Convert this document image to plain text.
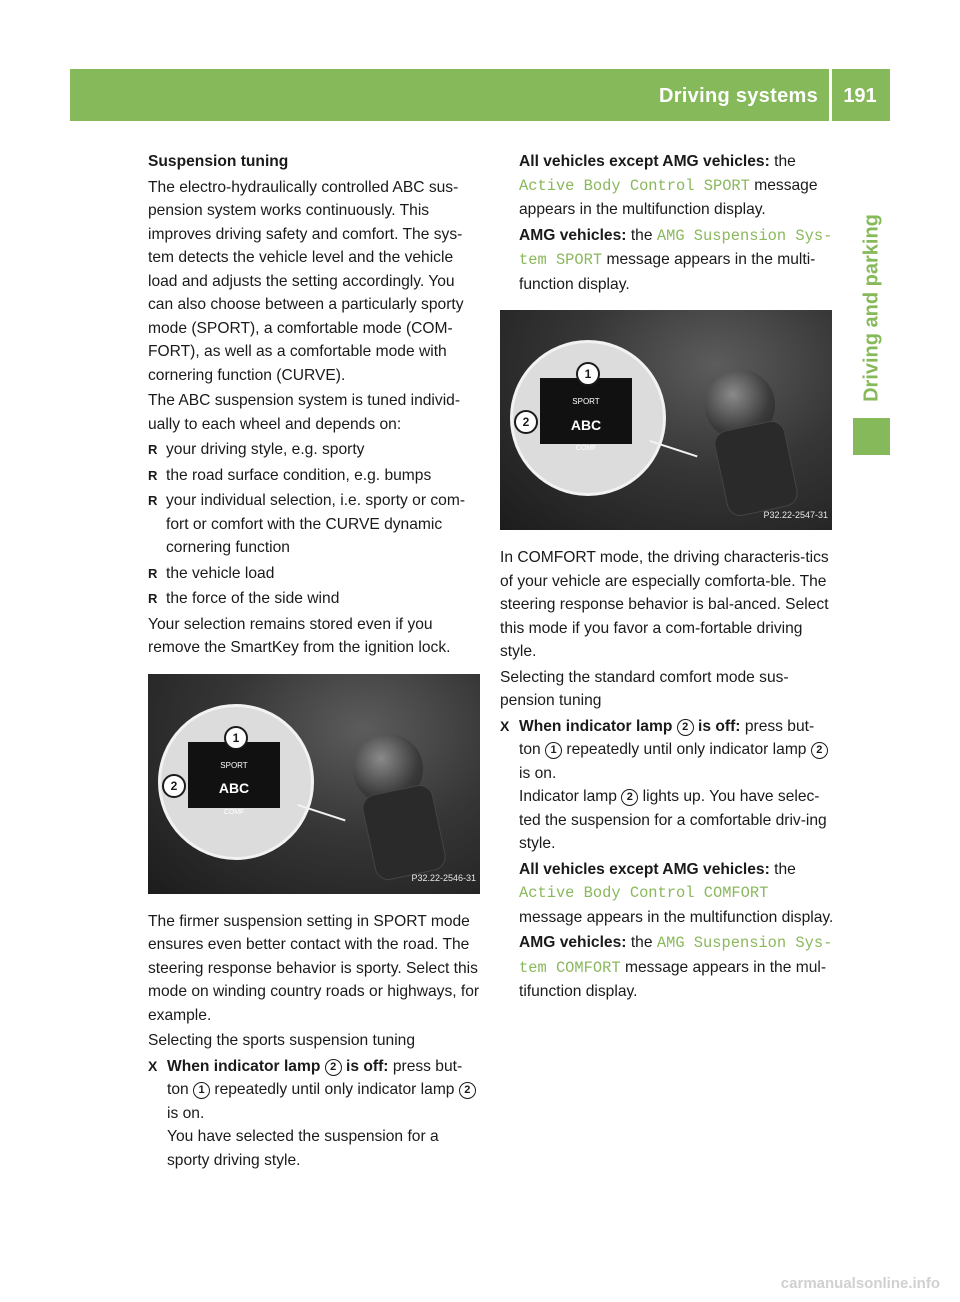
Driving systems 191
Driving and parking

Suspension tuning

The electro-hydraulically controlled ABC sus-pension system works continuously. This improves driving safety and comfort. The sys-tem detects the vehicle level and the vehicle load and adjusts the setting accordingly. You can also choose between a particularly sporty mode (SPORT), a comfortable mode (COM-FORT), as well as a comfortable mode with cornering function (CURVE).

The ABC suspension system is tuned individ-ually to each wheel and depends on:

R your driving style, e.g. sporty

R the road surface condition, e.g. bumps

R your individual selection, i.e. sporty or com-fort or comfort with the CURVE dynamic cornering function

R the vehicle load

R the force of the side wind

Your selection remains stored even if you remove the SmartKey from the ignition lock.

SPORT
ABC
COMF
1
2
P32.22-2546-31

The firmer suspension setting in SPORT mode ensures even better contact with the road. The steering response behavior is sporty. Select this mode on winding country roads or highways, for example.

Selecting the sports suspension tuning

X When indicator lamp 2 is off: press but-ton 1 repeatedly until only indicator lamp 2 is on.
You have selected the suspension for a sporty driving style.

All vehicles except AMG vehicles: the
Active Body Control SPORT message appears in the multifunction display.

AMG vehicles: the AMG Suspension Sys‐tem SPORT message appears in the multi-function display.

SPORT
ABC
COMF
1
2
P32.22-2547-31

In COMFORT mode, the driving characteris-tics of your vehicle are especially comforta-ble. The steering response behavior is bal-anced. Select this mode if you favor a com-fortable driving style.

Selecting the standard comfort mode sus-pension tuning

X When indicator lamp 2 is off: press but-ton 1 repeatedly until only indicator lamp 2 is on.
Indicator lamp 2 lights up. You have selec-ted the suspension for a comfortable driv-ing style.

All vehicles except AMG vehicles: the
Active Body Control COMFORT message appears in the multifunction display.

AMG vehicles: the AMG Suspension Sys‐tem COMFORT message appears in the mul-tifunction display.

carmanualsonline.info
